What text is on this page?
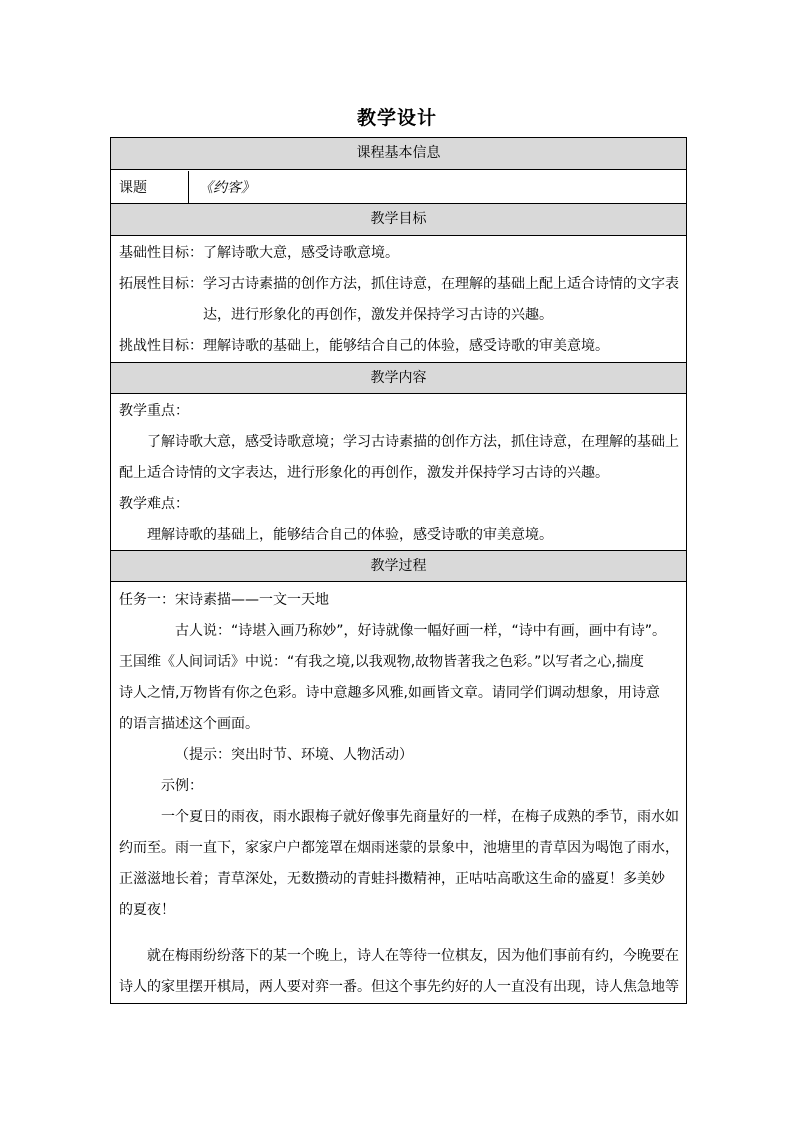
教学设计
课程基本信息
课题	《约客》
教学目标
基础性目标：了解诗歌大意，感受诗歌意境。
拓展性目标：学习古诗素描的创作方法，抓住诗意，在理解的基础上配上适合诗情的文字表
达，进行形象化的再创作，激发并保持学习古诗的兴趣。
挑战性目标：理解诗歌的基础上，能够结合自己的体验，感受诗歌的审美意境。
教学内容
教学重点：
了解诗歌大意，感受诗歌意境；学习古诗素描的创作方法，抓住诗意，在理解的基础上
配上适合诗情的文字表达，进行形象化的再创作，激发并保持学习古诗的兴趣。
教学难点：
理解诗歌的基础上，能够结合自己的体验，感受诗歌的审美意境。
教学过程
任务一：宋诗素描——一文一天地
古人说：“诗堪入画乃称妙”，好诗就像一幅好画一样，“诗中有画，画中有诗”。
王国维《人间词话》中说：“有我之境,以我观物,故物皆著我之色彩。”以写者之心,揣度
诗人之情,万物皆有你之色彩。诗中意趣多风雅,如画皆文章。请同学们调动想象，用诗意
的语言描述这个画面。
（提示：突出时节、环境、人物活动）
示例：
一个夏日的雨夜，雨水跟梅子就好像事先商量好的一样，在梅子成熟的季节，雨水如
约而至。雨一直下，家家户户都笼罩在烟雨迷蒙的景象中，池塘里的青草因为喝饱了雨水，
正滋滋地长着；青草深处，无数攒动的青蛙抖擞精神，正咕咕高歌这生命的盛夏！多美妙
的夏夜！
就在梅雨纷纷落下的某一个晚上，诗人在等待一位棋友，因为他们事前有约，今晚要在
诗人的家里摆开棋局，两人要对弈一番。但这个事先约好的人一直没有出现，诗人焦急地等
